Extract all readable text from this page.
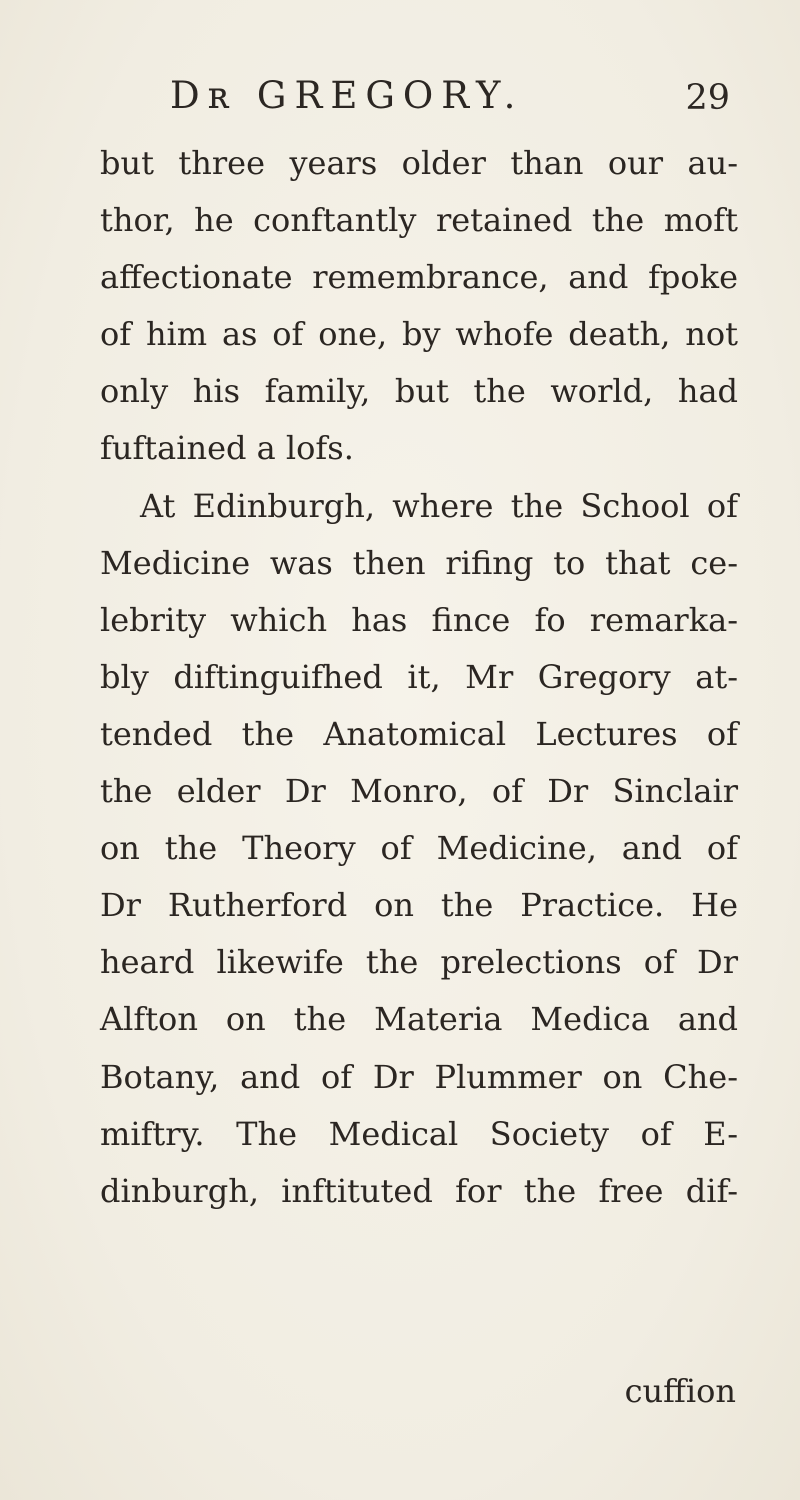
Dʀ GREGORY.	29
but three years older than our au-
thor, he conftantly retained the moft
affectionate remembrance, and fpoke
of him as of one, by whofe death, not
only his family, but the world, had
fuftained a lofs.
At Edinburgh, where the School of
Medicine was then rifing to that ce-
lebrity which has fince fo remarka-
bly diftinguifhed it, Mr Gregory at-
tended the Anatomical Lectures of
the elder Dr Monro, of Dr Sinclair
on the Theory of Medicine, and of
Dr Rutherford on the Practice. He
heard likewife the prelections of Dr
Alfton on the Materia Medica and
Botany, and of Dr Plummer on Che-
miftry. The Medical Society of E-
dinburgh, inftituted for the free dif-
cuffion
